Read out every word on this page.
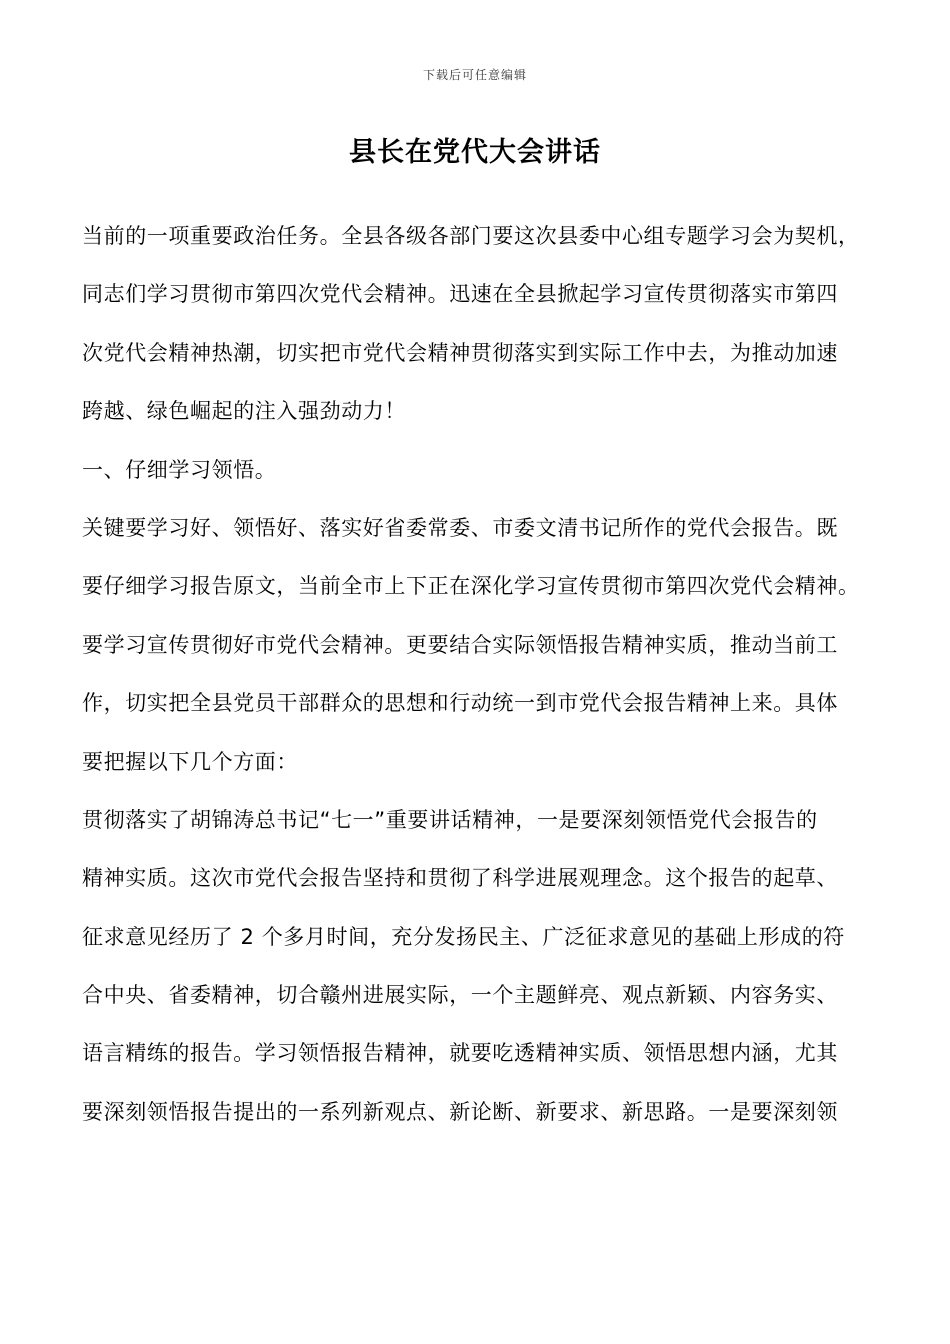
下载后可任意编辑
县长在党代大会讲话
当前的一项重要政治任务。全县各级各部门要这次县委中心组专题学习会为契机，
同志们学习贯彻市第四次党代会精神。迅速在全县掀起学习宣传贯彻落实市第四
次党代会精神热潮，切实把市党代会精神贯彻落实到实际工作中去，为推动加速
跨越、绿色崛起的注入强劲动力！
一、仔细学习领悟。
关键要学习好、领悟好、落实好省委常委、市委文清书记所作的党代会报告。既
要仔细学习报告原文，当前全市上下正在深化学习宣传贯彻市第四次党代会精神。
要学习宣传贯彻好市党代会精神。更要结合实际领悟报告精神实质，推动当前工
作，切实把全县党员干部群众的思想和行动统一到市党代会报告精神上来。具体
要把握以下几个方面：
贯彻落实了胡锦涛总书记“七一”重要讲话精神，一是要深刻领悟党代会报告的
精神实质。这次市党代会报告坚持和贯彻了科学进展观理念。这个报告的起草、
征求意见经历了 2 个多月时间，充分发扬民主、广泛征求意见的基础上形成的符
合中央、省委精神，切合赣州进展实际，一个主题鲜亮、观点新颖、内容务实、
语言精练的报告。学习领悟报告精神，就要吃透精神实质、领悟思想内涵，尤其
要深刻领悟报告提出的一系列新观点、新论断、新要求、新思路。一是要深刻领
